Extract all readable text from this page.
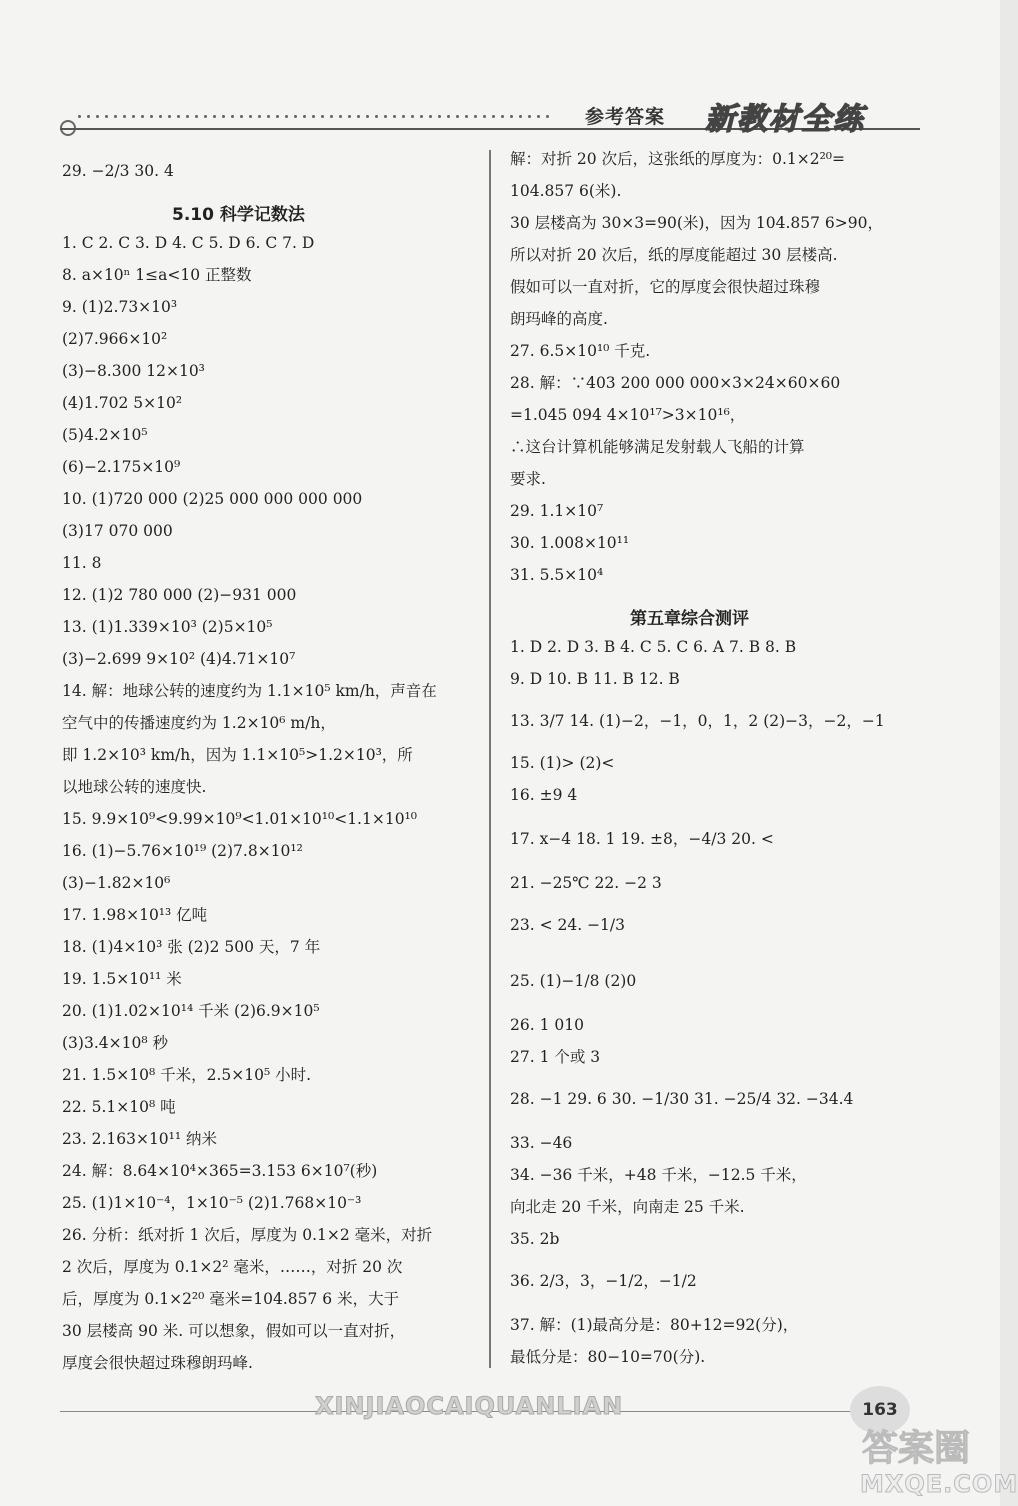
参考答案 新教材全练
29. −2/3 30. 4
5.10 科学记数法
1. C 2. C 3. D 4. C 5. D 6. C 7. D
8. a×10ⁿ 1≤a<10 正整数
9. (1)2.73×10³
(2)7.966×10²
(3)−8.300 12×10³
(4)1.702 5×10²
(5)4.2×10⁵
(6)−2.175×10⁹
10. (1)720 000 (2)25 000 000 000 000
(3)17 070 000
11. 8
12. (1)2 780 000 (2)−931 000
13. (1)1.339×10³ (2)5×10⁵
(3)−2.699 9×10² (4)4.71×10⁷
14. 解：地球公转的速度约为 1.1×10⁵ km/h，声音在
空气中的传播速度约为 1.2×10⁶ m/h，
即 1.2×10³ km/h，因为 1.1×10⁵>1.2×10³，所
以地球公转的速度快.
15. 9.9×10⁹<9.99×10⁹<1.01×10¹⁰<1.1×10¹⁰
16. (1)−5.76×10¹⁹ (2)7.8×10¹²
(3)−1.82×10⁶
17. 1.98×10¹³ 亿吨
18. (1)4×10³ 张 (2)2 500 天，7 年
19. 1.5×10¹¹ 米
20. (1)1.02×10¹⁴ 千米 (2)6.9×10⁵
(3)3.4×10⁸ 秒
21. 1.5×10⁸ 千米，2.5×10⁵ 小时.
22. 5.1×10⁸ 吨
23. 2.163×10¹¹ 纳米
24. 解：8.64×10⁴×365=3.153 6×10⁷(秒)
25. (1)1×10⁻⁴，1×10⁻⁵ (2)1.768×10⁻³
26. 分析：纸对折 1 次后，厚度为 0.1×2 毫米，对折
2 次后，厚度为 0.1×2² 毫米，……，对折 20 次
后，厚度为 0.1×2²⁰ 毫米=104.857 6 米，大于
30 层楼高 90 米. 可以想象，假如可以一直对折，
厚度会很快超过珠穆朗玛峰.
解：对折 20 次后，这张纸的厚度为：0.1×2²⁰=
104.857 6(米).
30 层楼高为 30×3=90(米)，因为 104.857 6>90，
所以对折 20 次后，纸的厚度能超过 30 层楼高.
假如可以一直对折，它的厚度会很快超过珠穆
朗玛峰的高度.
27. 6.5×10¹⁰ 千克.
28. 解：∵403 200 000 000×3×24×60×60
=1.045 094 4×10¹⁷>3×10¹⁶，
∴这台计算机能够满足发射载人飞船的计算
要求.
29. 1.1×10⁷
30. 1.008×10¹¹
31. 5.5×10⁴
第五章综合测评
1. D 2. D 3. B 4. C 5. C 6. A 7. B 8. B
9. D 10. B 11. B 12. B
13. 3/7 14. (1)−2，−1，0，1，2 (2)−3，−2，−1
15. (1)> (2)<
16. ±9 4
17. x−4 18. 1 19. ±8，−4/3 20. <
21. −25℃ 22. −2 3
23. < 24. −1/3
25. (1)−1/8 (2)0
26. 1 010
27. 1 个或 3
28. −1 29. 6 30. −1/30 31. −25/4 32. −34.4
33. −46
34. −36 千米，+48 千米，−12.5 千米，
向北走 20 千米，向南走 25 千米.
35. 2b
36. 2/3，3，−1/2，−1/2
37. 解：(1)最高分是：80+12=92(分)，
最低分是：80−10=70(分).
XINJIAOCAIQUANLIAN	163
答案圈
MXQE.COM
